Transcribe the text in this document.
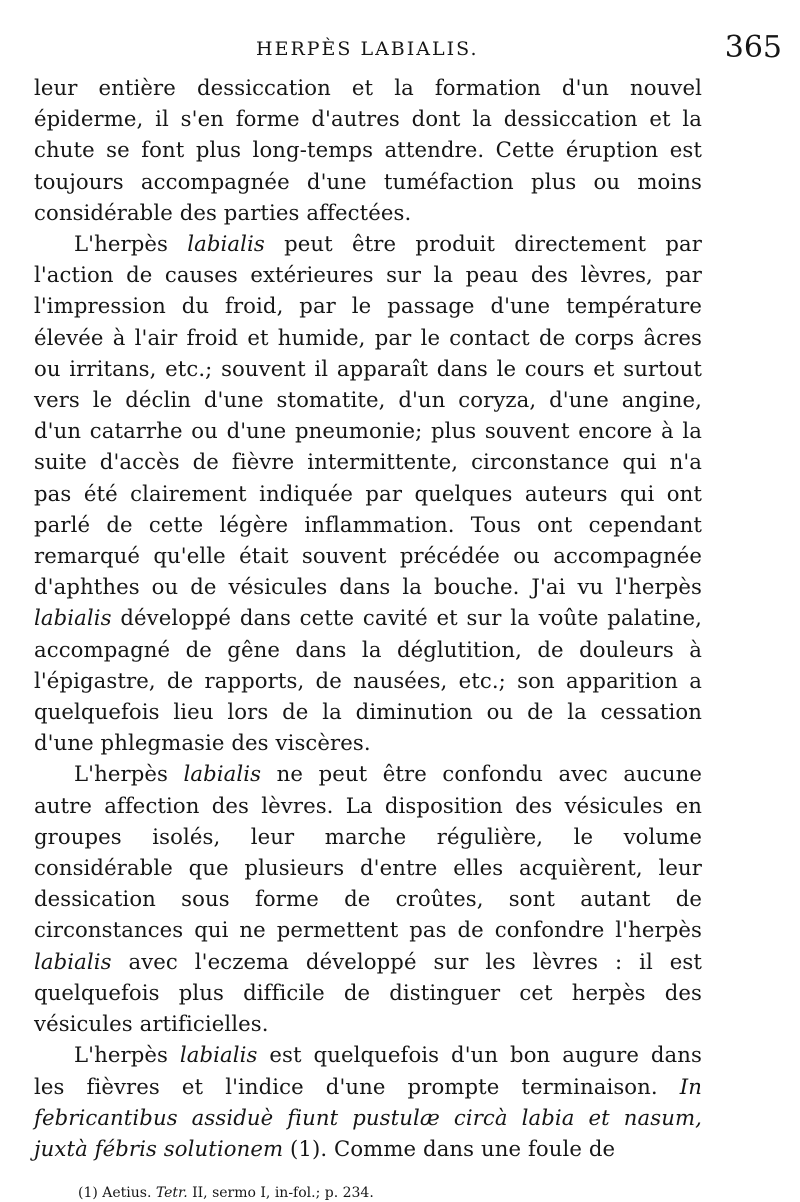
HERPÈS LABIALIS.	365

leur entière dessiccation et la formation d'un nouvel épiderme, il s'en forme d'autres dont la dessiccation et la chute se font plus long-temps attendre. Cette éruption est toujours accompagnée d'une tuméfaction plus ou moins considérable des parties affectées.

L'herpès labialis peut être produit directement par l'action de causes extérieures sur la peau des lèvres, par l'impression du froid, par le passage d'une température élevée à l'air froid et humide, par le contact de corps âcres ou irritans, etc.; souvent il apparaît dans le cours et surtout vers le déclin d'une stomatite, d'un coryza, d'une angine, d'un catarrhe ou d'une pneumonie; plus souvent encore à la suite d'accès de fièvre intermittente, circonstance qui n'a pas été clairement indiquée par quelques auteurs qui ont parlé de cette légère inflammation. Tous ont cependant remarqué qu'elle était souvent précédée ou accompagnée d'aphthes ou de vésicules dans la bouche. J'ai vu l'herpès labialis développé dans cette cavité et sur la voûte palatine, accompagné de gêne dans la déglutition, de douleurs à l'épigastre, de rapports, de nausées, etc.; son apparition a quelquefois lieu lors de la diminution ou de la cessation d'une phlegmasie des viscères.

L'herpès labialis ne peut être confondu avec aucune autre affection des lèvres. La disposition des vésicules en groupes isolés, leur marche régulière, le volume considérable que plusieurs d'entre elles acquièrent, leur dessication sous forme de croûtes, sont autant de circonstances qui ne permettent pas de confondre l'herpès labialis avec l'eczema développé sur les lèvres : il est quelquefois plus difficile de distinguer cet herpès des vésicules artificielles.

L'herpès labialis est quelquefois d'un bon augure dans les fièvres et l'indice d'une prompte terminaison. In febricantibus assiduè fiunt pustulæ circà labia et nasum, juxtà fébris solutionem (1). Comme dans une foule de

(1) Aetius. Tetr. II, sermo I, in-fol.; p. 234.
